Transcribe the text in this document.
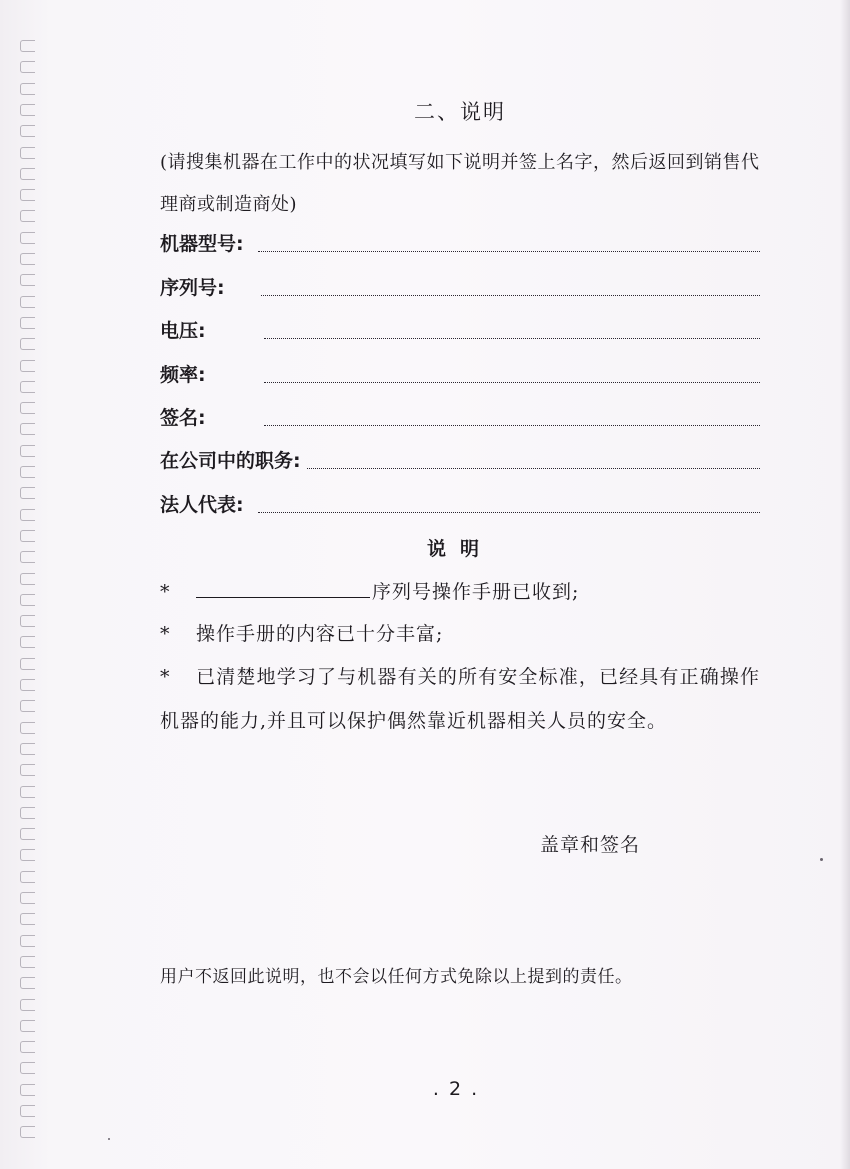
二、说明
(请搜集机器在工作中的状况填写如下说明并签上名字，然后返回到销售代理商或制造商处)
机器型号:
序列号:
电压:
频率:
签名:
在公司中的职务:
法人代表:
说明
*	序列号操作手册已收到;
* 操作手册的内容已十分丰富;
* 已清楚地学习了与机器有关的所有安全标准，已经具有正确操作机器的能力,并且可以保护偶然靠近机器相关人员的安全。
盖章和签名
用户不返回此说明，也不会以任何方式免除以上提到的责任。
. 2 .
